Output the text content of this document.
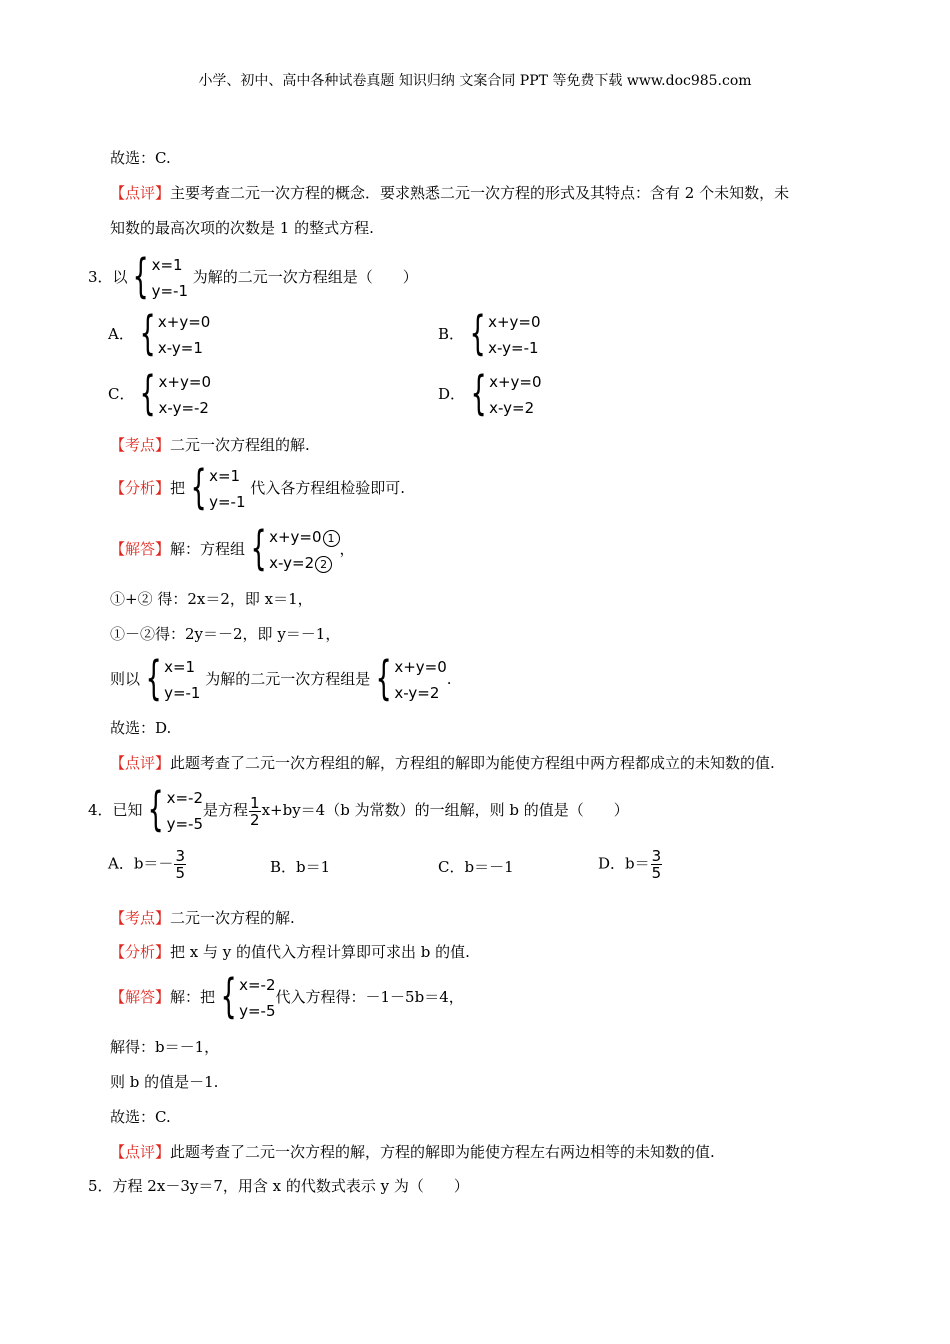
小学、初中、高中各种试卷真题 知识归纳 文案合同 PPT 等免费下载 www.doc985.com
故选：C.
【点评】主要考查二元一次方程的概念．要求熟悉二元一次方程的形式及其特点：含有 2 个未知数，未
知数的最高次项的次数是 1 的整式方程.
3．以 { x=1
y=-1
为解的二元一次方程组是（　　）
A． { x+y=0
x-y=1
B． { x+y=0
x-y=-1
C． { x+y=0
x-y=-2
D． { x+y=0
x-y=2
【考点】二元一次方程组的解.
【分析】把 { x=1
y=-1
代入各方程组检验即可.
【解答】解：方程组 { x+y=0 1
x-y=2 2
，
①+② 得：2x＝2，即 x＝1，
①－②得：2y＝－2，即 y＝－1，
则以 { x=1
y=-1
为解的二元一次方程组是 { x+y=0
x-y=2
.
故选：D.
【点评】此题考查了二元一次方程组的解，方程组的解即为能使方程组中两方程都成立的未知数的值.
4．已知 { x=-2
y=-5
是方程 $\frac{1}{2} x+by=4(b$ 为常数）的一组解，则 b 的值是（　　）
A．$b=- \frac{3}{5}$	B．b＝1	C．b＝－1	D．$b= \frac{3}{5}$
【考点】二元一次方程的解.
【分析】把 x 与 y 的值代入方程计算即可求出 b 的值.
【解答】解：把 { x=-2
y=-5
代入方程得：－1－5b＝4，
解得：b＝－1，
则 b 的值是－1.
故选：C.
【点评】此题考查了二元一次方程的解，方程的解即为能使方程左右两边相等的未知数的值.
5．方程 2x－3y＝7，用含 x 的代数式表示 y 为（　　）
